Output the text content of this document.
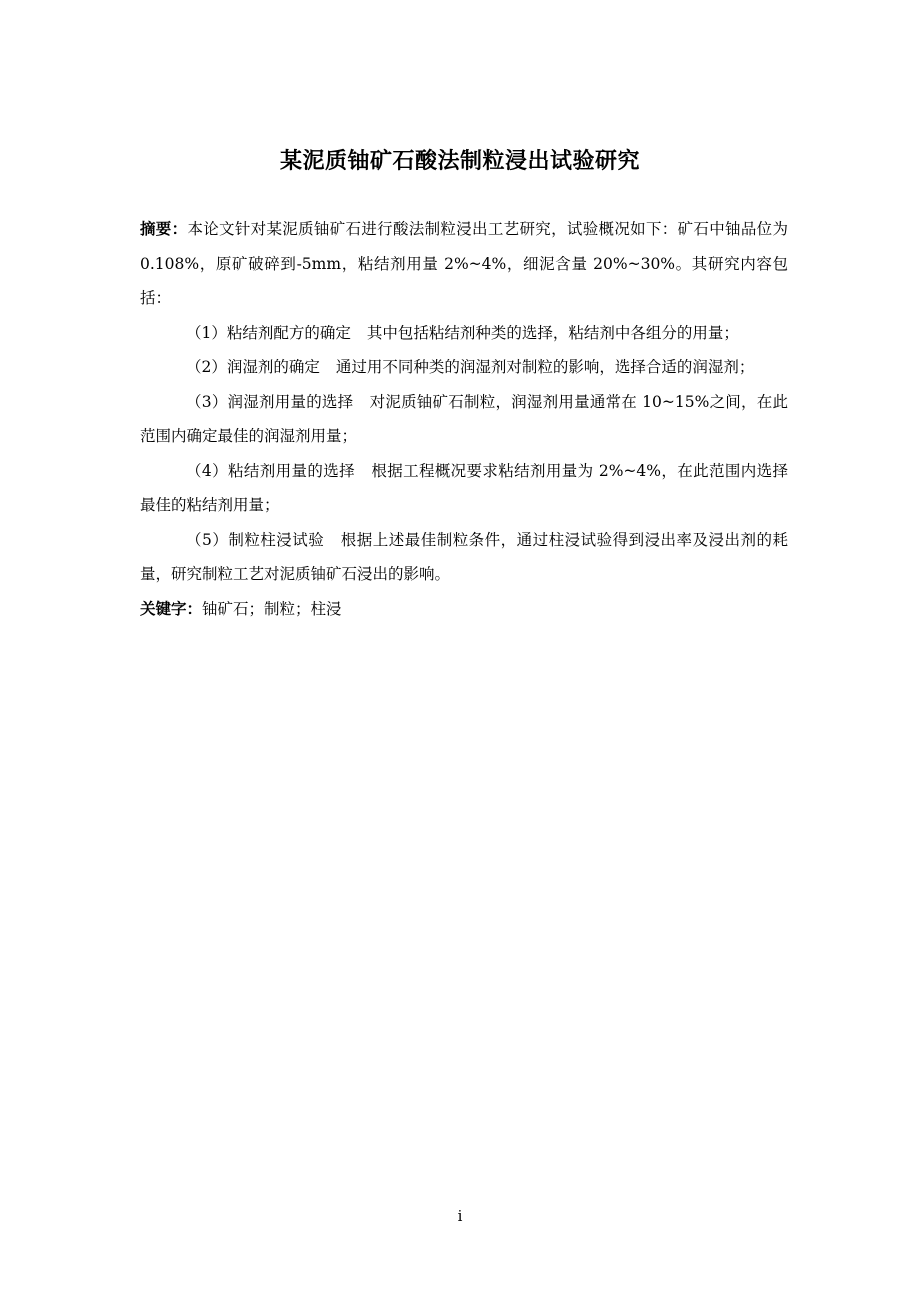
某泥质铀矿石酸法制粒浸出试验研究

摘要：本论文针对某泥质铀矿石进行酸法制粒浸出工艺研究，试验概况如下：矿石中铀品位为 0.108%，原矿破碎到-5mm，粘结剂用量 2%~4%，细泥含量 20%~30%。其研究内容包括：

（1）粘结剂配方的确定 其中包括粘结剂种类的选择，粘结剂中各组分的用量；

（2）润湿剂的确定 通过用不同种类的润湿剂对制粒的影响，选择合适的润湿剂；

（3）润湿剂用量的选择 对泥质铀矿石制粒，润湿剂用量通常在 10~15%之间，在此范围内确定最佳的润湿剂用量；

（4）粘结剂用量的选择 根据工程概况要求粘结剂用量为 2%~4%，在此范围内选择最佳的粘结剂用量；

（5）制粒柱浸试验 根据上述最佳制粒条件，通过柱浸试验得到浸出率及浸出剂的耗量，研究制粒工艺对泥质铀矿石浸出的影响。

关键字：铀矿石；制粒；柱浸

i
